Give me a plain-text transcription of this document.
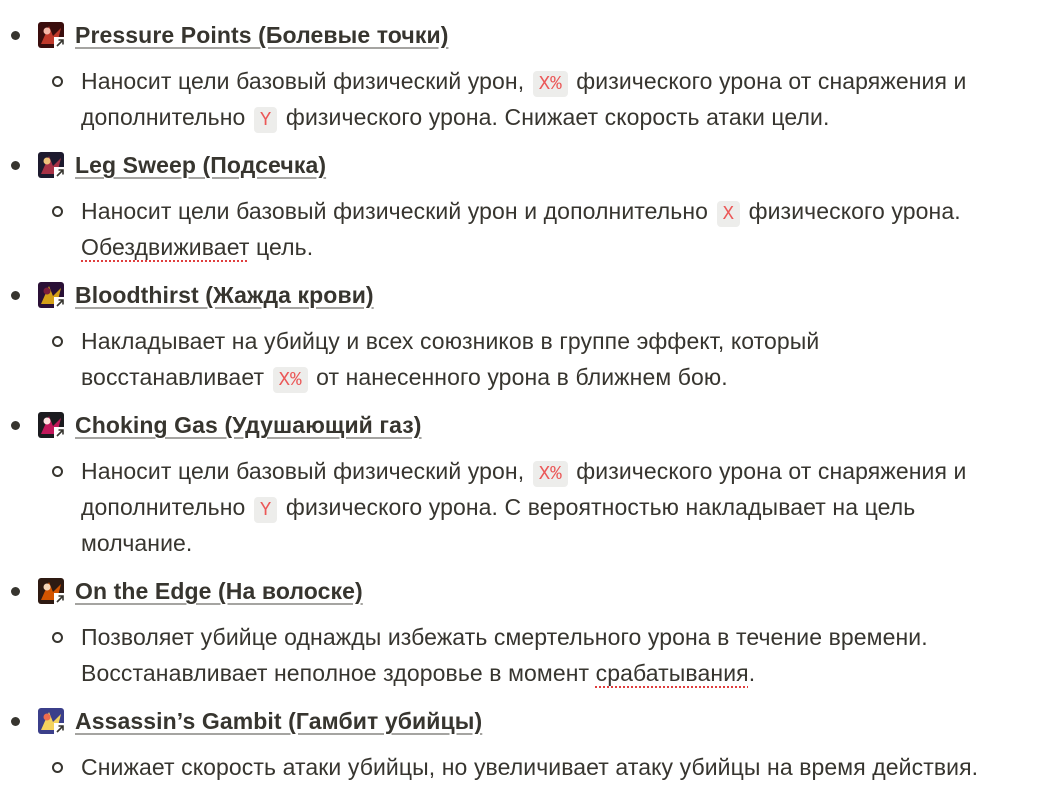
Pressure Points (Болевые точки)
Наносит цели базовый физический урон, X% физического урона от снаряжения и
дополнительно Y физического урона. Снижает скорость атаки цели.
Leg Sweep (Подсечка)
Наносит цели базовый физический урон и дополнительно X физического урона.
Обездвиживает цель.
Bloodthirst (Жажда крови)
Накладывает на убийцу и всех союзников в группе эффект, который
восстанавливает X% от нанесенного урона в ближнем бою.
Choking Gas (Удушающий газ)
Наносит цели базовый физический урон, X% физического урона от снаряжения и
дополнительно Y физического урона. С вероятностью накладывает на цель
молчание.
On the Edge (На волоске)
Позволяет убийце однажды избежать смертельного урона в течение времени.
Восстанавливает неполное здоровье в момент срабатывания.
Assassin’s Gambit (Гамбит убийцы)
Снижает скорость атаки убийцы, но увеличивает атаку убийцы на время действия.
